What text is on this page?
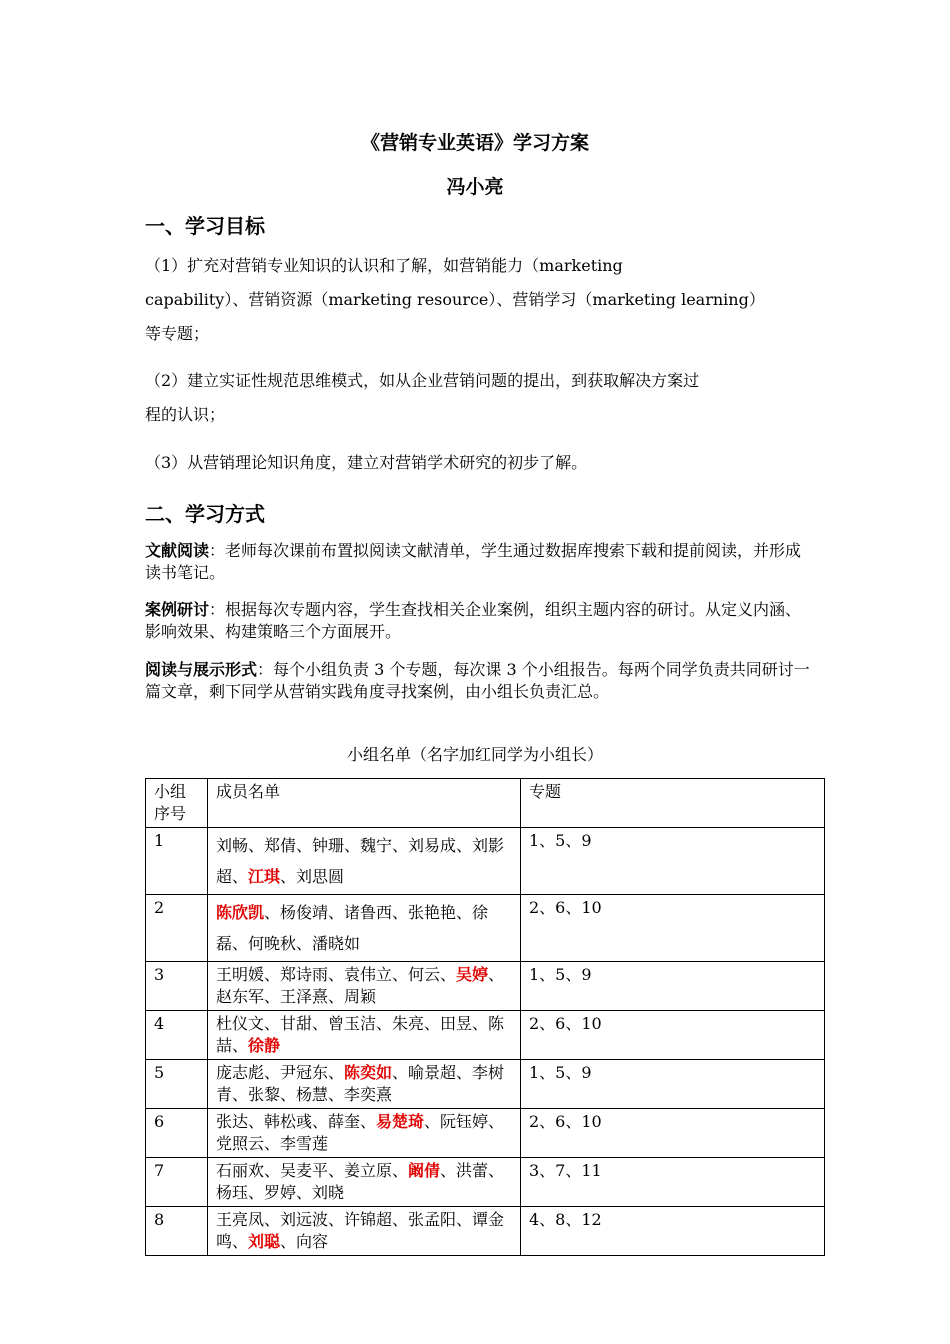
《营销专业英语》学习方案
冯小亮
一、学习目标
（1）扩充对营销专业知识的认识和了解，如营销能力（marketing
capability）、营销资源（marketing resource）、营销学习（marketing learning）
等专题；
（2）建立实证性规范思维模式，如从企业营销问题的提出，到获取解决方案过
程的认识；
（3）从营销理论知识角度，建立对营销学术研究的初步了解。
二、学习方式
文献阅读：老师每次课前布置拟阅读文献清单，学生通过数据库搜索下载和提前阅读，并形成读书笔记。
案例研讨：根据每次专题内容，学生查找相关企业案例，组织主题内容的研讨。从定义内涵、影响效果、构建策略三个方面展开。
阅读与展示形式：每个小组负责 3 个专题，每次课 3 个小组报告。每两个同学负责共同研讨一篇文章，剩下同学从营销实践角度寻找案例，由小组长负责汇总。
小组名单（名字加红同学为小组长）
小组序号	成员名单	专题
1	刘畅、郑倩、钟珊、魏宁、刘易成、刘影超、江琪、刘思圆	1、5、9
2	陈欣凯、杨俊靖、诸鲁西、张艳艳、徐磊、何晚秋、潘晓如	2、6、10
3	王明媛、郑诗雨、袁伟立、何云、吴婷、赵东军、王泽熹、周颖	1、5、9
4	杜仪文、甘甜、曾玉洁、朱亮、田昱、陈喆、徐静	2、6、10
5	庞志彪、尹冠东、陈奕如、喻景超、李树青、张黎、杨慧、李奕熹	1、5、9
6	张达、韩松彧、薛奎、易楚琦、阮钰婷、党照云、李雪莲	2、6、10
7	石丽欢、吴麦平、姜立原、阚倩、洪蕾、杨珏、罗婷、刘晓	3、7、11
8	王亮凤、刘远波、许锦超、张孟阳、谭金鸣、刘聪、向容	4、8、12
